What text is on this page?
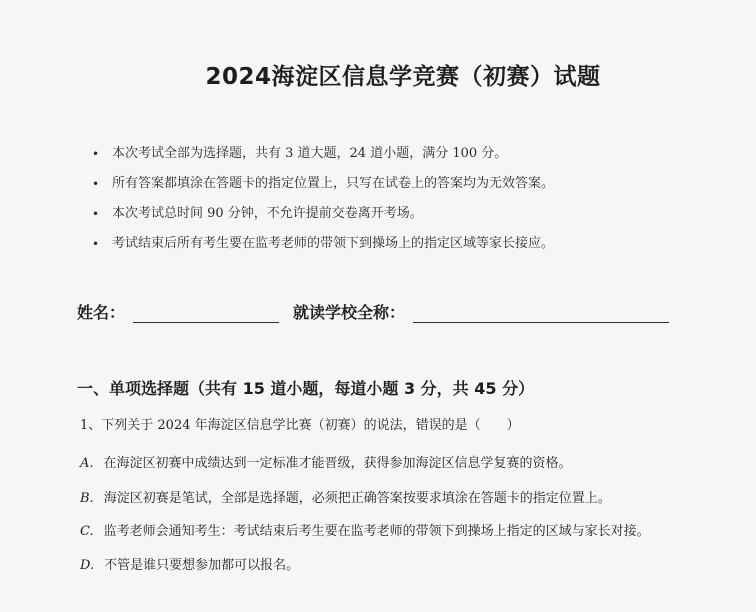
2024海淀区信息学竞赛（初赛）试题
• 本次考试全部为选择题，共有 3 道大题，24 道小题，满分 100 分。
• 所有答案都填涂在答题卡的指定位置上，只写在试卷上的答案均为无效答案。
• 本次考试总时间 90 分钟，不允许提前交卷离开考场。
• 考试结束后所有考生要在监考老师的带领下到操场上的指定区域等家长接应。
姓名：	就读学校全称：
一、单项选择题（共有 15 道小题，每道小题 3 分，共 45 分）
1、下列关于 2024 年海淀区信息学比赛（初赛）的说法，错误的是（　　）
A. 在海淀区初赛中成绩达到一定标准才能晋级，获得参加海淀区信息学复赛的资格。
B. 海淀区初赛是笔试，全部是选择题，必须把正确答案按要求填涂在答题卡的指定位置上。
C. 监考老师会通知考生：考试结束后考生要在监考老师的带领下到操场上指定的区域与家长对接。
D. 不管是谁只要想参加都可以报名。
